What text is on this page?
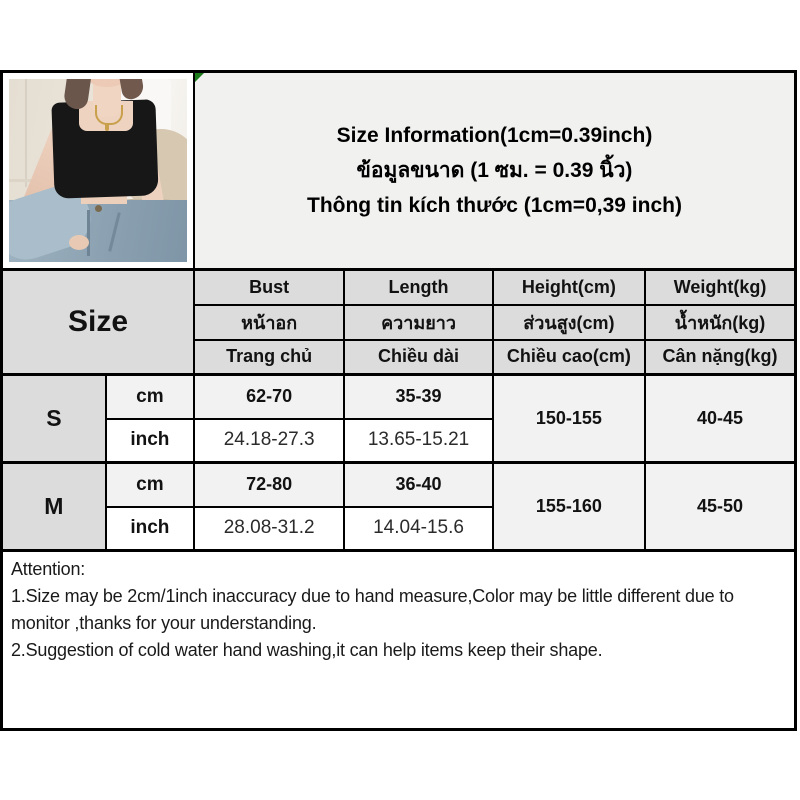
		Size Information(1cm=0.39inch)
ข้อมูลขนาด (1 ซม. = 0.39 นิ้ว)
Thông tin kích thước (1cm=0,39 inch)			

Size		Bust	Length	Height(cm)	Weight(kg)
		หน้าอก	ความยาว	ส่วนสูง(cm)	น้ำหนัก(kg)
		Trang chủ	Chiều dài	Chiều cao(cm)	Cân nặng(kg)
S	cm	62-70	35-39	150-155	40-45
	inch	24.18-27.3	13.65-15.21		
M	cm	72-80	36-40	155-160	45-50
	inch	28.08-31.2	14.04-15.6		

Attention:
1.Size may be 2cm/1inch inaccuracy due to hand measure,Color may be little different due to monitor ,thanks for your understanding.
2.Suggestion of cold water hand washing,it can help items keep their shape.					
